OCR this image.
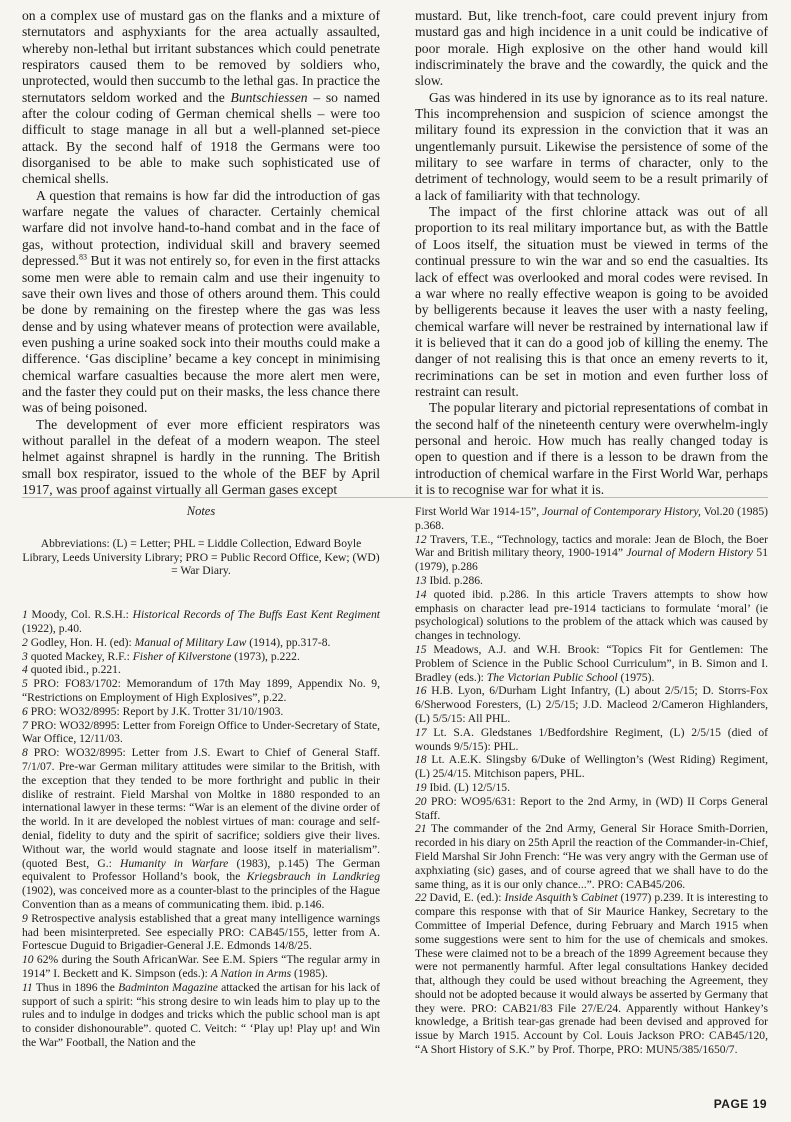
on a complex use of mustard gas on the flanks and a mixture of sternutators and asphyxiants for the area actually assaulted, whereby non-lethal but irritant substances which could penetrate respirators caused them to be removed by soldiers who, unprotected, would then succumb to the lethal gas. In practice the sternutators seldom worked and the Buntschiessen – so named after the colour coding of German chemical shells – were too difficult to stage manage in all but a well-planned set-piece attack. By the second half of 1918 the Germans were too disorganised to be able to make such sophisticated use of chemical shells.

A question that remains is how far did the introduction of gas warfare negate the values of character. Certainly chemical warfare did not involve hand-to-hand combat and in the face of gas, without protection, individual skill and bravery seemed depressed.$^{83}$ But it was not entirely so, for even in the first attacks some men were able to remain calm and use their ingenuity to save their own lives and those of others around them. This could be done by remaining on the firestep where the gas was less dense and by using whatever means of protection were available, even pushing a urine soaked sock into their mouths could make a difference. ‘Gas discipline’ became a key concept in minimising chemical warfare casualties because the more alert men were, and the faster they could put on their masks, the less chance there was of being poisoned.

The development of ever more efficient respirators was without parallel in the defeat of a modern weapon. The steel helmet against shrapnel is hardly in the running. The British small box respirator, issued to the whole of the BEF by April 1917, was proof against virtually all German gases except

mustard. But, like trench-foot, care could prevent injury from mustard gas and high incidence in a unit could be indicative of poor morale. High explosive on the other hand would kill indiscriminately the brave and the cowardly, the quick and the slow.

Gas was hindered in its use by ignorance as to its real nature. This incomprehension and suspicion of science amongst the military found its expression in the conviction that it was an ungentlemanly pursuit. Likewise the persistence of some of the military to see warfare in terms of character, only to the detriment of technology, would seem to be a result primarily of a lack of familiarity with that technology.

The impact of the first chlorine attack was out of all proportion to its real military importance but, as with the Battle of Loos itself, the situation must be viewed in terms of the continual pressure to win the war and so end the casualties. Its lack of effect was overlooked and moral codes were revised. In a war where no really effective weapon is going to be avoided by belligerents because it leaves the user with a nasty feeling, chemical warfare will never be restrained by international law if it is believed that it can do a good job of killing the enemy. The danger of not realising this is that once an emeny reverts to it, recriminations can be set in motion and even further loss of restraint can result.

The popular literary and pictorial representations of combat in the second half of the nineteenth century were overwhelm-ingly personal and heroic. How much has really changed today is open to question and if there is a lesson to be drawn from the introduction of chemical warfare in the First World War, perhaps it is to recognise war for what it is.

Notes
Abbreviations: (L) = Letter; PHL = Liddle Collection, Edward Boyle Library, Leeds University Library; PRO = Public Record Office, Kew; (WD) = War Diary.
1 Moody, Col. R.S.H.: Historical Records of The Buffs East Kent Regiment (1922), p.40.
2 Godley, Hon. H. (ed): Manual of Military Law (1914), pp.317-8.
3 quoted Mackey, R.F.: Fisher of Kilverstone (1973), p.222.
4 quoted ibid., p.221.
5 PRO: FO83/1702: Memorandum of 17th May 1899, Appendix No. 9, “Restrictions on Employment of High Explosives”, p.22.
6 PRO: WO32/8995: Report by J.K. Trotter 31/10/1903.
7 PRO: WO32/8995: Letter from Foreign Office to Under-Secretary of State, War Office, 12/11/03.
8 PRO: WO32/8995: Letter from J.S. Ewart to Chief of General Staff. 7/1/07. Pre-war German military attitudes were similar to the British, with the exception that they tended to be more forthright and public in their dislike of restraint. Field Marshal von Moltke in 1880 responded to an international lawyer in these terms: “War is an element of the divine order of the world. In it are developed the noblest virtues of man: courage and self-denial, fidelity to duty and the spirit of sacrifice; soldiers give their lives. Without war, the world would stagnate and loose itself in materialism”. (quoted Best, G.: Humanity in Warfare (1983), p.145) The German equivalent to Professor Holland’s book, the Kriegsbrauch in Landkrieg (1902), was conceived more as a counter-blast to the principles of the Hague Convention than as a means of communicating them. ibid. p.146.
9 Retrospective analysis established that a great many intelligence warnings had been misinterpreted. See especially PRO: CAB45/155, letter from A. Fortescue Duguid to Brigadier-General J.E. Edmonds 14/8/25.
10 62% during the South AfricanWar. See E.M. Spiers “The regular army in 1914” I. Beckett and K. Simpson (eds.): A Nation in Arms (1985).
11 Thus in 1896 the Badminton Magazine attacked the artisan for his lack of support of such a spirit: “his strong desire to win leads him to play up to the rules and to indulge in dodges and tricks which the public school man is apt to consider dishonourable”. quoted C. Veitch: “ ‘Play up! Play up! and Win the War” Football, the Nation and the
First World War 1914-15”, Journal of Contemporary History, Vol.20 (1985) p.368.
12 Travers, T.E., “Technology, tactics and morale: Jean de Bloch, the Boer War and British military theory, 1900-1914” Journal of Modern History 51 (1979), p.286
13 Ibid. p.286.
14 quoted ibid. p.286. In this article Travers attempts to show how emphasis on character lead pre-1914 tacticians to formulate ‘moral’ (ie psychological) solutions to the problem of the attack which was caused by changes in technology.
15 Meadows, A.J. and W.H. Brook: “Topics Fit for Gentlemen: The Problem of Science in the Public School Curriculum”, in B. Simon and I. Bradley (eds.): The Victorian Public School (1975).
16 H.B. Lyon, 6/Durham Light Infantry, (L) about 2/5/15; D. Storrs-Fox 6/Sherwood Foresters, (L) 2/5/15; J.D. Macleod 2/Cameron Highlanders, (L) 5/5/15: All PHL.
17 Lt. S.A. Gledstanes 1/Bedfordshire Regiment, (L) 2/5/15 (died of wounds 9/5/15): PHL.
18 Lt. A.E.K. Slingsby 6/Duke of Wellington’s (West Riding) Regiment, (L) 25/4/15. Mitchison papers, PHL.
19 Ibid. (L) 12/5/15.
20 PRO: WO95/631: Report to the 2nd Army, in (WD) II Corps General Staff.
21 The commander of the 2nd Army, General Sir Horace Smith-Dorrien, recorded in his diary on 25th April the reaction of the Commander-in-Chief, Field Marshal Sir John French: “He was very angry with the German use of axphxiating (sic) gases, and of course agreed that we shall have to do the same thing, as it is our only chance...”. PRO: CAB45/206.
22 David, E. (ed.): Inside Asquith’s Cabinet (1977) p.239. It is interesting to compare this response with that of Sir Maurice Hankey, Secretary to the Committee of Imperial Defence, during February and March 1915 when some suggestions were sent to him for the use of chemicals and smokes. These were claimed not to be a breach of the 1899 Agreement because they were not permanently harmful. After legal consultations Hankey decided that, although they could be used without breaching the Agreement, they should not be adopted because it would always be asserted by Germany that they were. PRO: CAB21/83 File 27/E/24. Apparently without Hankey’s knowledge, a British tear-gas grenade had been devised and approved for issue by March 1915. Account by Col. Louis Jackson PRO: CAB45/120, “A Short History of S.K.” by Prof. Thorpe, PRO: MUN5/385/1650/7.
PAGE 19
